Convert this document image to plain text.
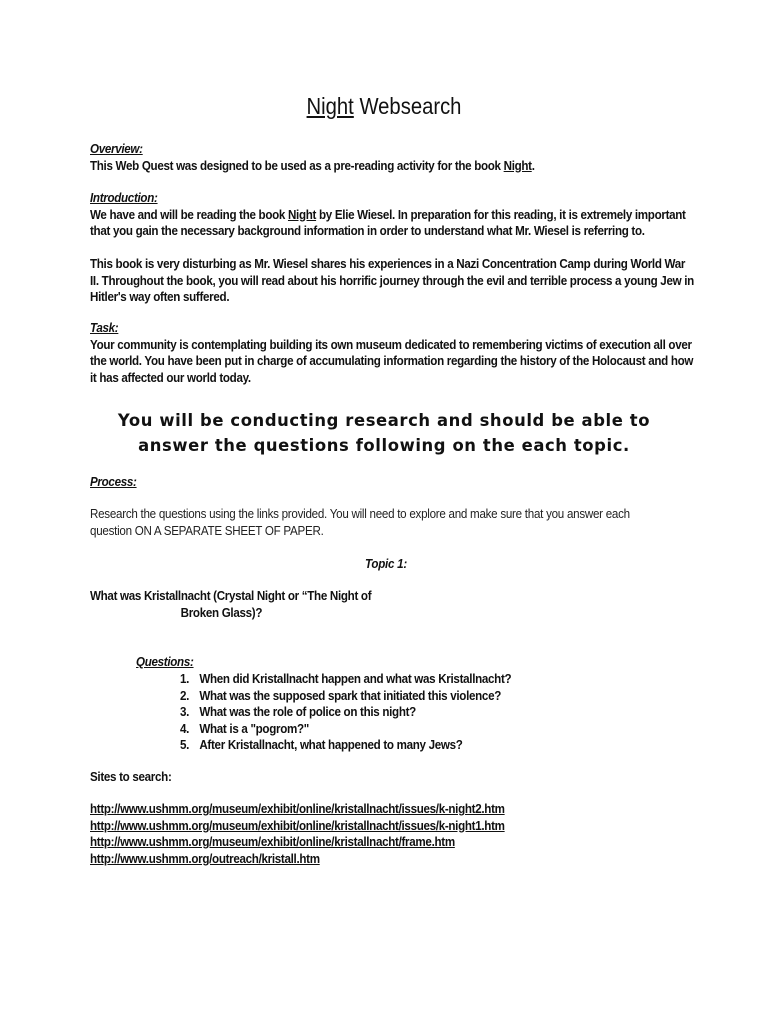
Night Websearch
Overview:
This Web Quest was designed to be used as a pre-reading activity for the book Night.
Introduction:
We have and will be reading the book Night by Elie Wiesel. In preparation for this reading, it is extremely important
that you gain the necessary background information in order to understand what Mr. Wiesel is referring to.
This book is very disturbing as Mr. Wiesel shares his experiences in a Nazi Concentration Camp during World War
II. Throughout the book, you will read about his horrific journey through the evil and terrible process a young Jew in
Hitler's way often suffered.
Task:
Your community is contemplating building its own museum dedicated to remembering victims of execution all over
the world. You have been put in charge of accumulating information regarding the history of the Holocaust and how
it has affected our world today.
You will be conducting research and should be able to
answer the questions following on the each topic.
Process:
Research the questions using the links provided. You will need to explore and make sure that you answer each
question ON A SEPARATE SHEET OF PAPER.
Topic 1:
What was Kristallnacht (Crystal Night or “The Night of
Broken Glass)?
Questions:
1. When did Kristallnacht happen and what was Kristallnacht?
2. What was the supposed spark that initiated this violence?
3. What was the role of police on this night?
4. What is a "pogrom?"
5. After Kristallnacht, what happened to many Jews?
Sites to search:
http://www.ushmm.org/museum/exhibit/online/kristallnacht/issues/k-night2.htm
http://www.ushmm.org/museum/exhibit/online/kristallnacht/issues/k-night1.htm
http://www.ushmm.org/museum/exhibit/online/kristallnacht/frame.htm
http://www.ushmm.org/outreach/kristall.htm
